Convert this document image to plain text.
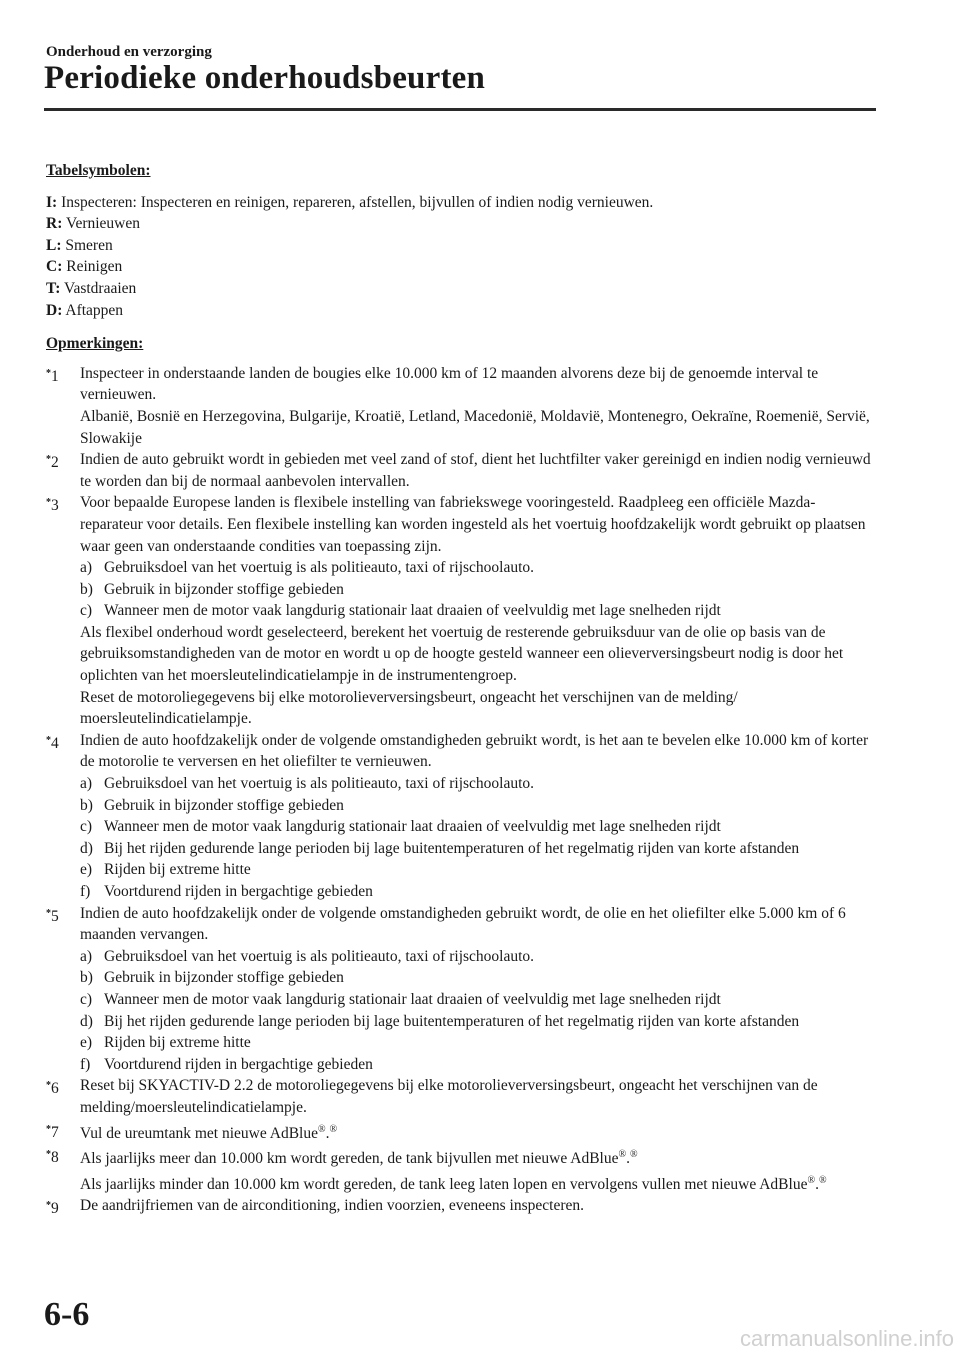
Onderhoud en verzorging
Periodieke onderhoudsbeurten
Tabelsymbolen:
I: Inspecteren: Inspecteren en reinigen, repareren, afstellen, bijvullen of indien nodig vernieuwen.
R: Vernieuwen
L: Smeren
C: Reinigen
T: Vastdraaien
D: Aftappen
Opmerkingen:
*1 Inspecteer in onderstaande landen de bougies elke 10.000 km of 12 maanden alvorens deze bij de genoemde interval te vernieuwen.
Albanië, Bosnië en Herzegovina, Bulgarije, Kroatië, Letland, Macedonië, Moldavië, Montenegro, Oekraïne, Roemenië, Servië, Slowakije
*2 Indien de auto gebruikt wordt in gebieden met veel zand of stof, dient het luchtfilter vaker gereinigd en indien nodig vernieuwd te worden dan bij de normaal aanbevolen intervallen.
*3 Voor bepaalde Europese landen is flexibele instelling van fabriekswege vooringesteld. Raadpleeg een officiële Mazda-reparateur voor details. Een flexibele instelling kan worden ingesteld als het voertuig hoofdzakelijk wordt gebruikt op plaatsen waar geen van onderstaande condities van toepassing zijn.
a) Gebruiksdoel van het voertuig is als politieauto, taxi of rijschoolauto.
b) Gebruik in bijzonder stoffige gebieden
c) Wanneer men de motor vaak langdurig stationair laat draaien of veelvuldig met lage snelheden rijdt
Als flexibel onderhoud wordt geselecteerd, berekent het voertuig de resterende gebruiksduur van de olie op basis van de gebruiksomstandigheden van de motor en wordt u op de hoogte gesteld wanneer een olieverversingsbeurt nodig is door het oplichten van het moersleutelindicatielampje in de instrumentengroep.
Reset de motoroliegegevens bij elke motorolieverversingsbeurt, ongeacht het verschijnen van de melding/ moersleutelindicatielampje.
*4 Indien de auto hoofdzakelijk onder de volgende omstandigheden gebruikt wordt, is het aan te bevelen elke 10.000 km of korter de motorolie te verversen en het oliefilter te vernieuwen.
a) Gebruiksdoel van het voertuig is als politieauto, taxi of rijschoolauto.
b) Gebruik in bijzonder stoffige gebieden
c) Wanneer men de motor vaak langdurig stationair laat draaien of veelvuldig met lage snelheden rijdt
d) Bij het rijden gedurende lange perioden bij lage buitentemperaturen of het regelmatig rijden van korte afstanden
e) Rijden bij extreme hitte
f) Voortdurend rijden in bergachtige gebieden
*5 Indien de auto hoofdzakelijk onder de volgende omstandigheden gebruikt wordt, de olie en het oliefilter elke 5.000 km of 6 maanden vervangen.
a) Gebruiksdoel van het voertuig is als politieauto, taxi of rijschoolauto.
b) Gebruik in bijzonder stoffige gebieden
c) Wanneer men de motor vaak langdurig stationair laat draaien of veelvuldig met lage snelheden rijdt
d) Bij het rijden gedurende lange perioden bij lage buitentemperaturen of het regelmatig rijden van korte afstanden
e) Rijden bij extreme hitte
f) Voortdurend rijden in bergachtige gebieden
*6 Reset bij SKYACTIV-D 2.2 de motoroliegegevens bij elke motorolieverversingsbeurt, ongeacht het verschijnen van de melding/moersleutelindicatielampje.
*7 Vul de ureumtank met nieuwe AdBlue®.®
*8 Als jaarlijks meer dan 10.000 km wordt gereden, de tank bijvullen met nieuwe AdBlue®.®
Als jaarlijks minder dan 10.000 km wordt gereden, de tank leeg laten lopen en vervolgens vullen met nieuwe AdBlue®.®
*9 De aandrijfriemen van de airconditioning, indien voorzien, eveneens inspecteren.
6-6
carmanualsonline.info
